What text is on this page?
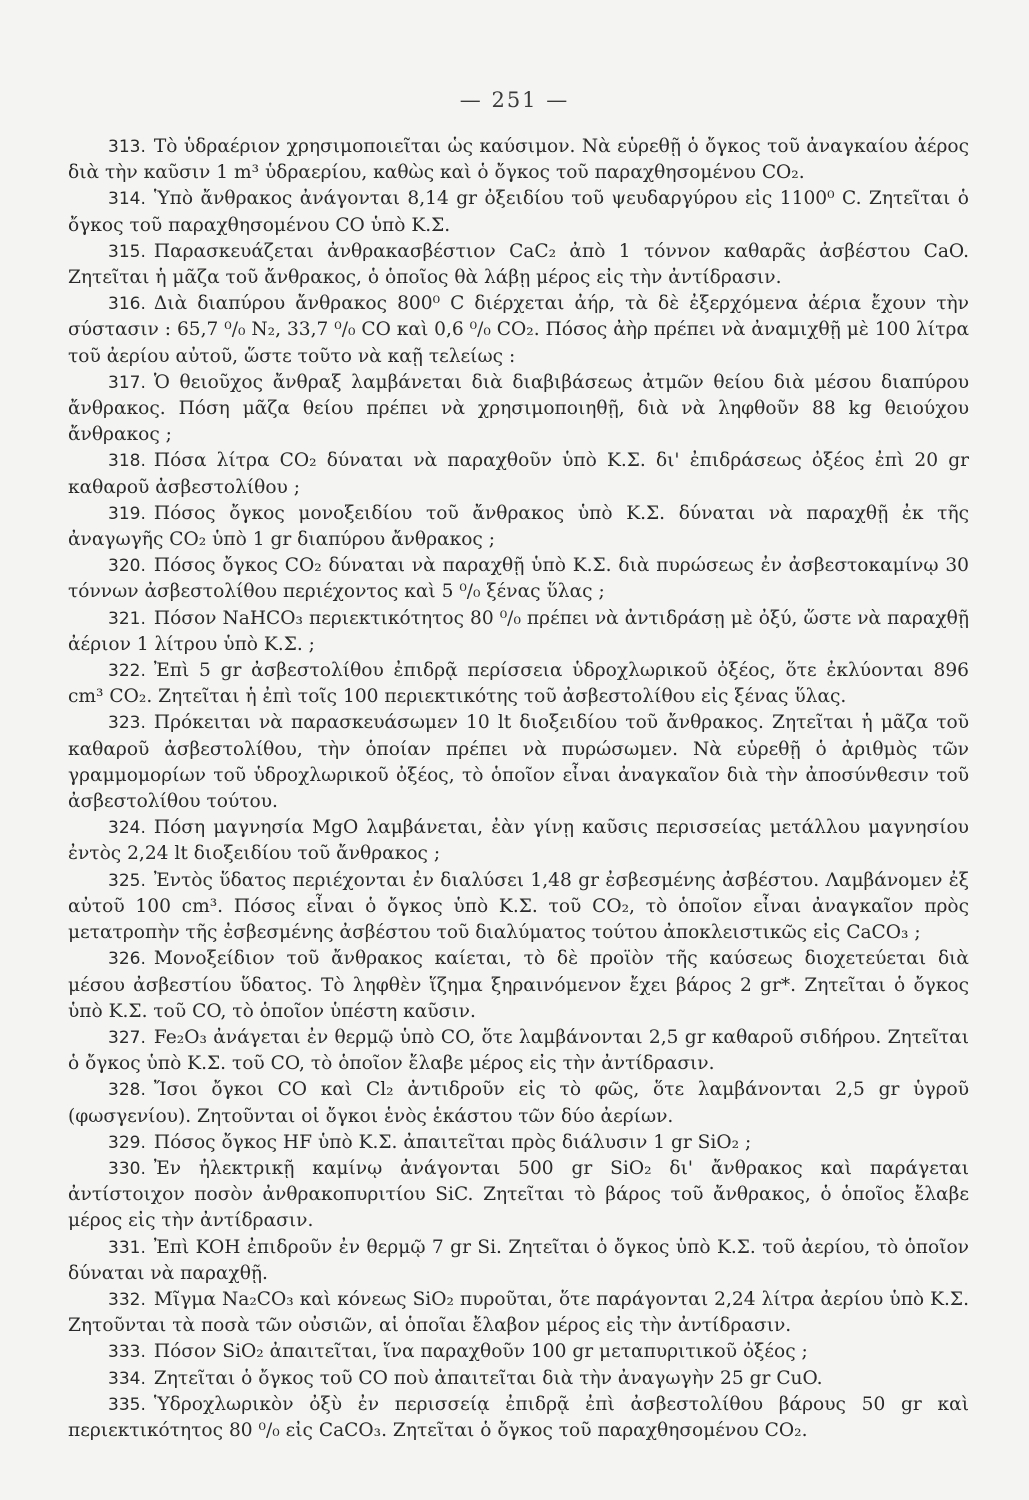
— 251 —

313. Τὸ ὑδραέριον χρησιμοποιεῖται ὡς καύσιμον. Νὰ εὑρεθῇ ὁ ὄγκος τοῦ ἀναγκαίου ἀέρος διὰ τὴν καῦσιν 1 m³ ὑδραερίου, καθὼς καὶ ὁ ὄγκος τοῦ παραχθησομένου CO₂.

314. Ὑπὸ ἄνθρακος ἀνάγονται 8,14 gr ὀξειδίου τοῦ ψευδαργύρου εἰς 1100⁰ C. Ζητεῖται ὁ ὄγκος τοῦ παραχθησομένου CO ὑπὸ Κ.Σ.

315. Παρασκευάζεται ἀνθρακασβέστιον CaC₂ ἀπὸ 1 τόννον καθαρᾶς ἀσβέστου CaO. Ζητεῖται ἡ μᾶζα τοῦ ἄνθρακος, ὁ ὁποῖος θὰ λάβῃ μέρος εἰς τὴν ἀντίδρασιν.

316. Διὰ διαπύρου ἄνθρακος 800⁰ C διέρχεται ἀήρ, τὰ δὲ ἐξερχόμενα ἀέρια ἔχουν τὴν σύστασιν : 65,7 ⁰/₀ N₂, 33,7 ⁰/₀ CO καὶ 0,6 ⁰/₀ CO₂. Πόσος ἀὴρ πρέπει νὰ ἀναμιχθῇ μὲ 100 λίτρα τοῦ ἀερίου αὐτοῦ, ὥστε τοῦτο νὰ καῇ τελείως :

317. Ὁ θειοῦχος ἄνθραξ λαμβάνεται διὰ διαβιβάσεως ἀτμῶν θείου διὰ μέσου διαπύρου ἄνθρακος. Πόση μᾶζα θείου πρέπει νὰ χρησιμοποιηθῇ, διὰ νὰ ληφθοῦν 88 kg θειούχου ἄνθρακος ;

318. Πόσα λίτρα CO₂ δύναται νὰ παραχθοῦν ὑπὸ Κ.Σ. δι' ἐπιδράσεως ὀξέος ἐπὶ 20 gr καθαροῦ ἀσβεστολίθου ;

319. Πόσος ὄγκος μονοξειδίου τοῦ ἄνθρακος ὑπὸ Κ.Σ. δύναται νὰ παραχθῇ ἐκ τῆς ἀναγωγῆς CO₂ ὑπὸ 1 gr διαπύρου ἄνθρακος ;

320. Πόσος ὄγκος CO₂ δύναται νὰ παραχθῇ ὑπὸ Κ.Σ. διὰ πυρώσεως ἐν ἀσβεστοκαμίνῳ 30 τόννων ἀσβεστολίθου περιέχοντος καὶ 5 ⁰/₀ ξένας ὕλας ;

321. Πόσον NaHCO₃ περιεκτικότητος 80 ⁰/₀ πρέπει νὰ ἀντιδράσῃ μὲ ὀξύ, ὥστε νὰ παραχθῇ ἀέριον 1 λίτρου ὑπὸ Κ.Σ. ;

322. Ἐπὶ 5 gr ἀσβεστολίθου ἐπιδρᾷ περίσσεια ὑδροχλωρικοῦ ὀξέος, ὅτε ἐκλύονται 896 cm³ CO₂. Ζητεῖται ἡ ἐπὶ τοῖς 100 περιεκτικότης τοῦ ἀσβεστολίθου εἰς ξένας ὕλας.

323. Πρόκειται νὰ παρασκευάσωμεν 10 lt διοξειδίου τοῦ ἄνθρακος. Ζητεῖται ἡ μᾶζα τοῦ καθαροῦ ἀσβεστολίθου, τὴν ὁποίαν πρέπει νὰ πυρώσωμεν. Νὰ εὑρεθῇ ὁ ἀριθμὸς τῶν γραμμομορίων τοῦ ὑδροχλωρικοῦ ὀξέος, τὸ ὁποῖον εἶναι ἀναγκαῖον διὰ τὴν ἀποσύνθεσιν τοῦ ἀσβεστολίθου τούτου.

324. Πόση μαγνησία MgO λαμβάνεται, ἐὰν γίνῃ καῦσις περισσείας μετάλλου μαγνησίου ἐντὸς 2,24 lt διοξειδίου τοῦ ἄνθρακος ;

325. Ἐντὸς ὕδατος περιέχονται ἐν διαλύσει 1,48 gr ἐσβεσμένης ἀσβέστου. Λαμβάνομεν ἐξ αὐτοῦ 100 cm³. Πόσος εἶναι ὁ ὄγκος ὑπὸ Κ.Σ. τοῦ CO₂, τὸ ὁποῖον εἶναι ἀναγκαῖον πρὸς μετατροπὴν τῆς ἐσβεσμένης ἀσβέστου τοῦ διαλύματος τούτου ἀποκλειστικῶς εἰς CaCO₃ ;

326. Μονοξείδιον τοῦ ἄνθρακος καίεται, τὸ δὲ προϊὸν τῆς καύσεως διοχετεύεται διὰ μέσου ἀσβεστίου ὕδατος. Τὸ ληφθὲν ἵζημα ξηραινόμενον ἔχει βάρος 2 gr*. Ζητεῖται ὁ ὄγκος ὑπὸ Κ.Σ. τοῦ CO, τὸ ὁποῖον ὑπέστη καῦσιν.

327. Fe₂O₃ ἀνάγεται ἐν θερμῷ ὑπὸ CO, ὅτε λαμβάνονται 2,5 gr καθαροῦ σιδήρου. Ζητεῖται ὁ ὄγκος ὑπὸ Κ.Σ. τοῦ CO, τὸ ὁποῖον ἔλαβε μέρος εἰς τὴν ἀντίδρασιν.

328. Ἴσοι ὄγκοι CO καὶ Cl₂ ἀντιδροῦν εἰς τὸ φῶς, ὅτε λαμβάνονται 2,5 gr ὑγροῦ (φωσγενίου). Ζητοῦνται οἱ ὄγκοι ἑνὸς ἑκάστου τῶν δύο ἀερίων.

329. Πόσος ὄγκος HF ὑπὸ Κ.Σ. ἀπαιτεῖται πρὸς διάλυσιν 1 gr SiO₂ ;

330. Ἐν ἠλεκτρικῇ καμίνῳ ἀνάγονται 500 gr SiO₂ δι' ἄνθρακος καὶ παράγεται ἀντίστοιχον ποσὸν ἀνθρακοπυριτίου SiC. Ζητεῖται τὸ βάρος τοῦ ἄνθρακος, ὁ ὁποῖος ἔλαβε μέρος εἰς τὴν ἀντίδρασιν.

331. Ἐπὶ KOH ἐπιδροῦν ἐν θερμῷ 7 gr Si. Ζητεῖται ὁ ὄγκος ὑπὸ Κ.Σ. τοῦ ἀερίου, τὸ ὁποῖον δύναται νὰ παραχθῇ.

332. Μῖγμα Na₂CO₃ καὶ κόνεως SiO₂ πυροῦται, ὅτε παράγονται 2,24 λίτρα ἀερίου ὑπὸ Κ.Σ. Ζητοῦνται τὰ ποσὰ τῶν οὐσιῶν, αἱ ὁποῖαι ἔλαβον μέρος εἰς τὴν ἀντίδρασιν.

333. Πόσον SiO₂ ἀπαιτεῖται, ἵνα παραχθοῦν 100 gr μεταπυριτικοῦ ὀξέος ;

334. Ζητεῖται ὁ ὄγκος τοῦ CO ποὺ ἀπαιτεῖται διὰ τὴν ἀναγωγὴν 25 gr CuO.

335. Ὑδροχλωρικὸν ὀξὺ ἐν περισσείᾳ ἐπιδρᾷ ἐπὶ ἀσβεστολίθου βάρους 50 gr καὶ περιεκτικότητος 80 ⁰/₀ εἰς CaCO₃. Ζητεῖται ὁ ὄγκος τοῦ παραχθησομένου CO₂.
